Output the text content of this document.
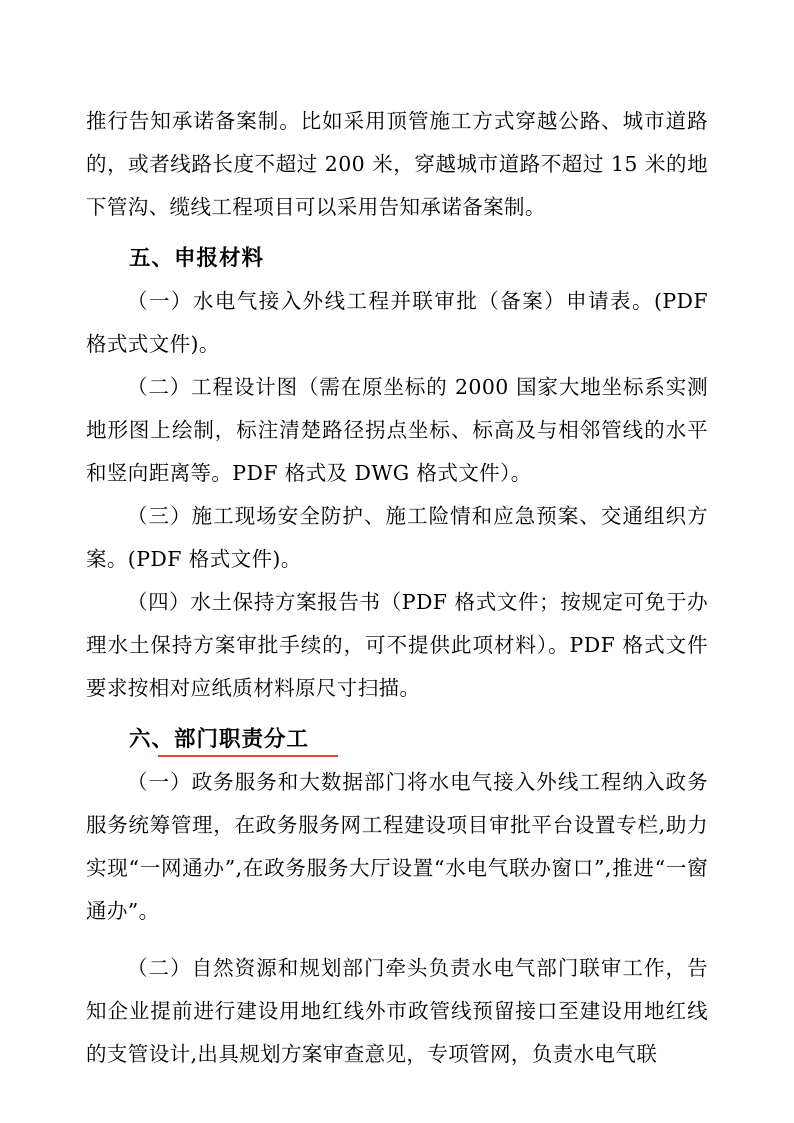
推行告知承诺备案制。比如采用顶管施工方式穿越公路、城市道路的，或者线路长度不超过 200 米，穿越城市道路不超过 15 米的地下管沟、缆线工程项目可以采用告知承诺备案制。

五、申报材料

（一）水电气接入外线工程并联审批（备案）申请表。(PDF 格式式文件)。

（二）工程设计图（需在原坐标的 2000 国家大地坐标系实测地形图上绘制，标注清楚路径拐点坐标、标高及与相邻管线的水平和竖向距离等。PDF 格式及 DWG 格式文件）。

（三）施工现场安全防护、施工险情和应急预案、交通组织方案。(PDF 格式文件)。

（四）水土保持方案报告书（PDF 格式文件；按规定可免于办理水土保持方案审批手续的，可不提供此项材料）。PDF 格式文件要求按相对应纸质材料原尺寸扫描。

六、部门职责分工

（一）政务服务和大数据部门将水电气接入外线工程纳入政务服务统筹管理，在政务服务网工程建设项目审批平台设置专栏,助力实现“一网通办”,在政务服务大厅设置“水电气联办窗口”,推进“一窗通办”。

（二）自然资源和规划部门牵头负责水电气部门联审工作，告知企业提前进行建设用地红线外市政管线预留接口至建设用地红线的支管设计,出具规划方案审查意见，专项管网，负责水电气联
